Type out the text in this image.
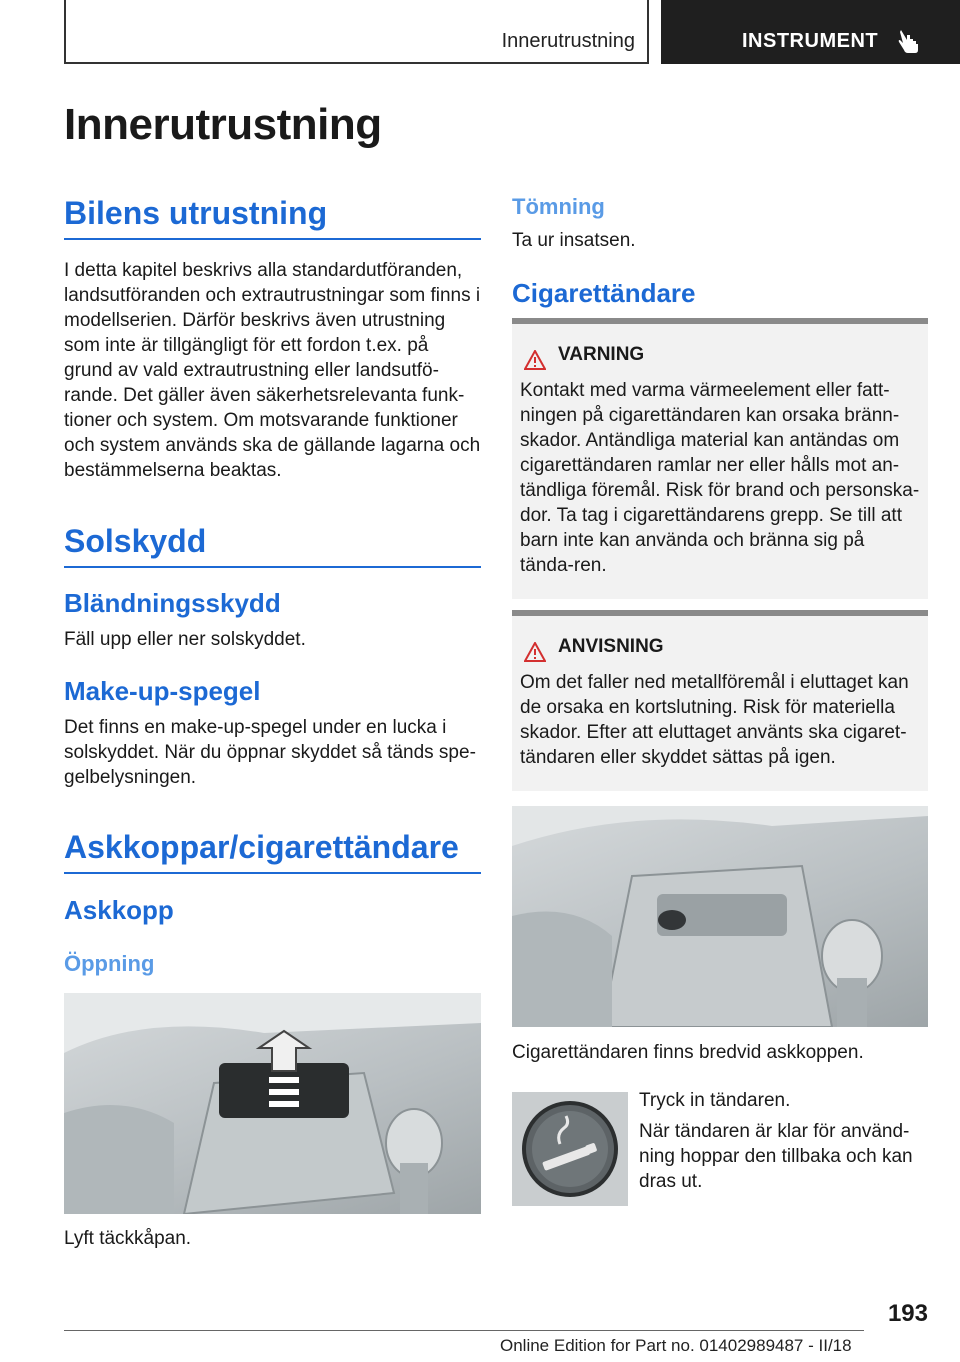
Innerutrustning	INSTRUMENT
Innerutrustning
Bilens utrustning
I detta kapitel beskrivs alla standardutföranden, landsutföranden och extrautrustningar som finns i modellserien. Därför beskrivs även utrustning som inte är tillgängligt för ett fordon t.ex. på grund av vald extrautrustning eller landsutfö-rande. Det gäller även säkerhetsrelevanta funk-tioner och system. Om motsvarande funktioner och system används ska de gällande lagarna och bestämmelserna beaktas.
Solskydd
Bländningsskydd
Fäll upp eller ner solskyddet.
Make-up-spegel
Det finns en make-up-spegel under en lucka i solskyddet. När du öppnar skyddet så tänds spe-gelbelysningen.
Askkoppar/cigarettändare
Askkopp
Öppning
Lyft täckkåpan.
Tömning
Ta ur insatsen.
Cigarettändare
VARNING
Kontakt med varma värmeelement eller fatt-ningen på cigarettändaren kan orsaka bränn-skador. Antändliga material kan antändas om cigarettändaren ramlar ner eller hålls mot an-tändliga föremål. Risk för brand och personska-dor. Ta tag i cigarettändarens grepp. Se till att barn inte kan använda och bränna sig på tända-ren.
ANVISNING
Om det faller ned metallföremål i eluttaget kan de orsaka en kortslutning. Risk för materiella skador. Efter att eluttaget använts ska cigaret-tändaren eller skyddet sättas på igen.
Cigarettändaren finns bredvid askkoppen.
Tryck in tändaren.
När tändaren är klar för använd-ning hoppar den tillbaka och kan dras ut.
193
Online Edition for Part no. 01402989487 - II/18
